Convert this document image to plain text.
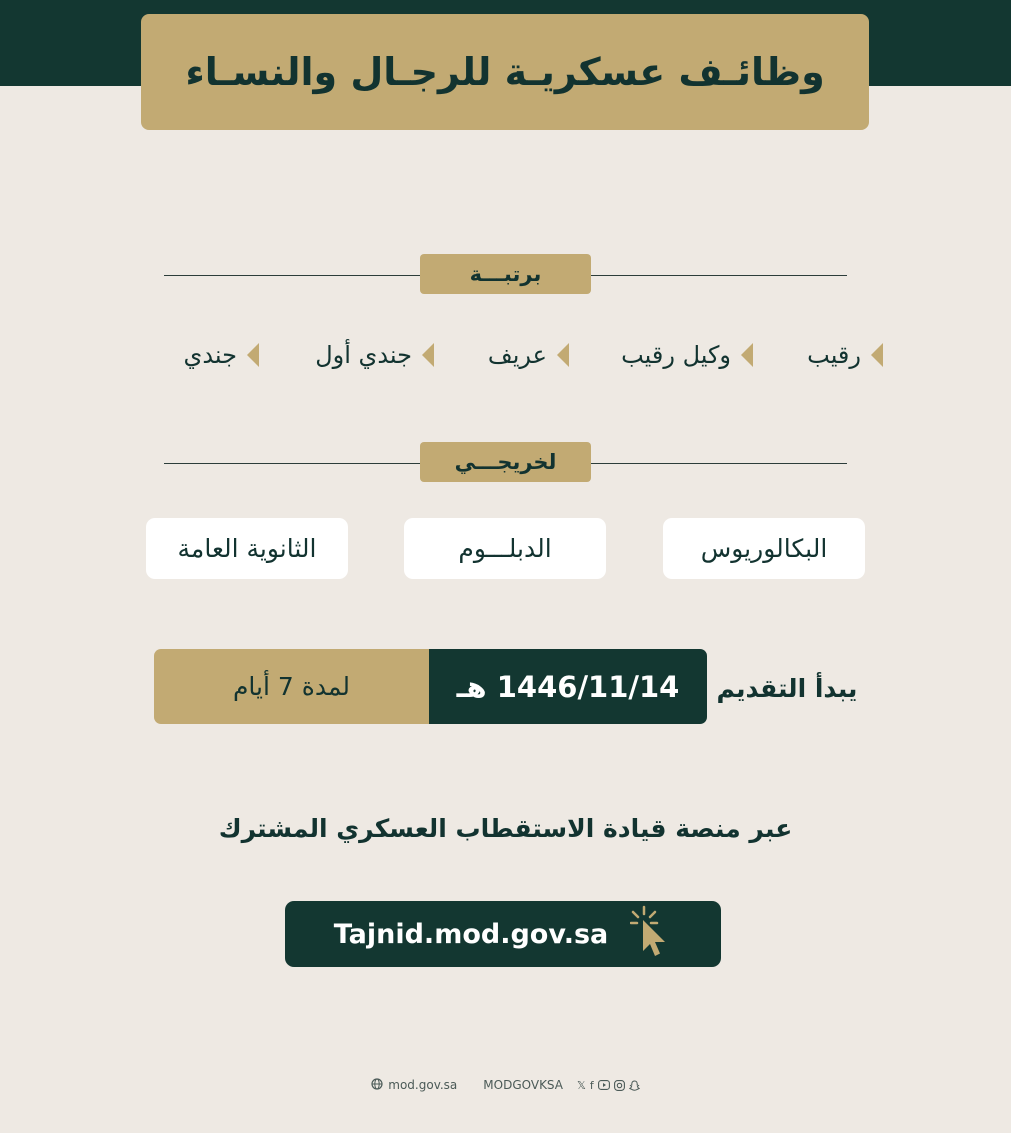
وظائـف عسكريـة للرجـال والنسـاء
برتبـــة
رقيب
وكيل رقيب
عريف
جندي أول
جندي
لخريجـــي
البكالوريوس
الدبلـــوم
الثانوية العامة
يبدأ التقديم
1446/11/14 هـ
لمدة 7 أيام
عبر منصة قيادة الاستقطاب العسكري المشترك
Tajnid.mod.gov.sa
mod.gov.sa MODGOVKSA 𝕏 f
